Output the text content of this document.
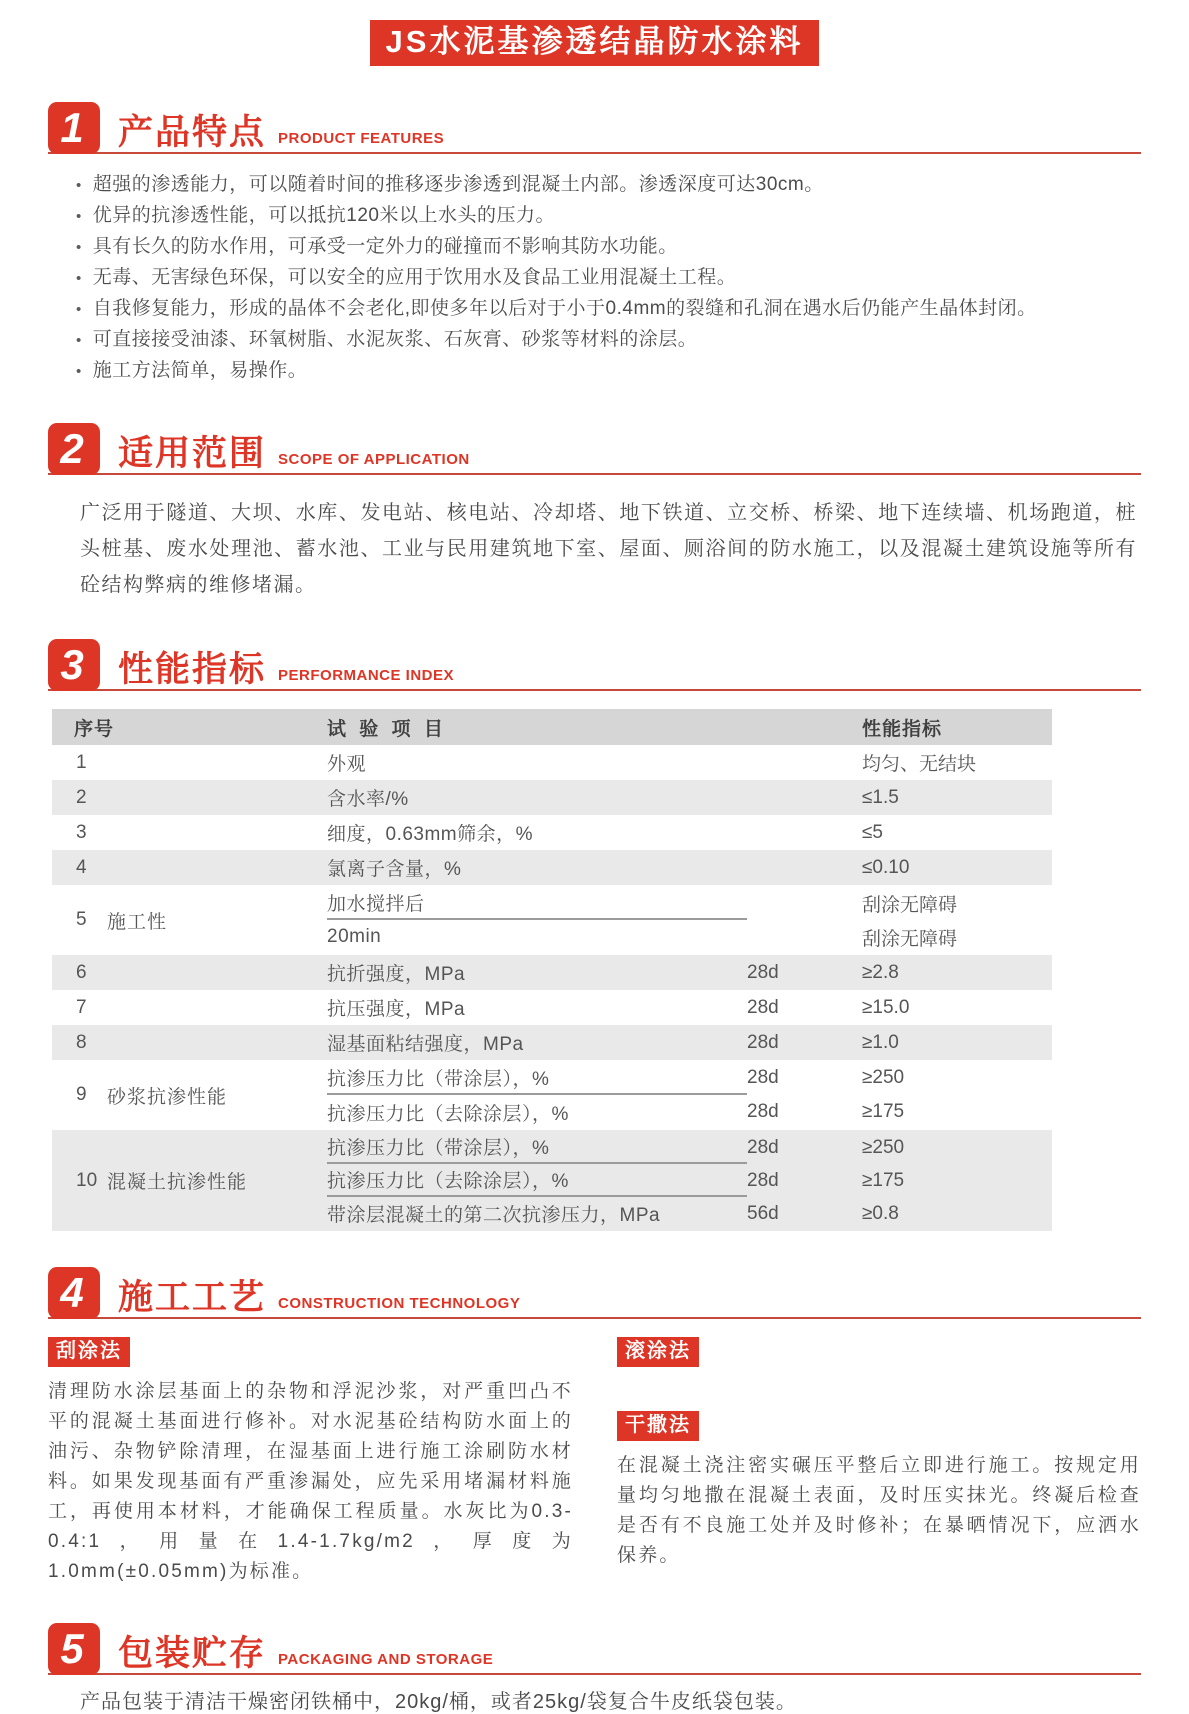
JS水泥基渗透结晶防水涂料
1 产品特点 PRODUCT FEATURES
• 超强的渗透能力，可以随着时间的推移逐步渗透到混凝土内部。渗透深度可达30cm。
• 优异的抗渗透性能，可以抵抗120米以上水头的压力。
• 具有长久的防水作用，可承受一定外力的碰撞而不影响其防水功能。
• 无毒、无害绿色环保，可以安全的应用于饮用水及食品工业用混凝土工程。
• 自我修复能力，形成的晶体不会老化,即使多年以后对于小于0.4mm的裂缝和孔洞在遇水后仍能产生晶体封闭。
• 可直接接受油漆、环氧树脂、水泥灰浆、石灰膏、砂浆等材料的涂层。
• 施工方法简单，易操作。
2 适用范围 SCOPE OF APPLICATION

广泛用于隧道、大坝、水库、发电站、核电站、冷却塔、地下铁道、立交桥、桥梁、地下连续墙、机场跑道，桩头桩基、废水处理池、蓄水池、工业与民用建筑地下室、屋面、厕浴间的防水施工，以及混凝土建筑设施等所有砼结构弊病的维修堵漏。

3 性能指标 PERFORMANCE INDEX
序号	试 验 项 目	性能指标
1	外观	均匀、无结块
2	含水率/%	≤1.5
3	细度，0.63mm筛余，%	≤5
4	氯离子含量，%	≤0.10
5	施工性
加水搅拌后	刮涂无障碍
20min	刮涂无障碍
6	抗折强度，MPa	28d	≥2.8
7	抗压强度，MPa	28d	≥15.0
8	湿基面粘结强度，MPa	28d	≥1.0
9	砂浆抗渗性能
抗渗压力比（带涂层），%	28d	≥250
抗渗压力比（去除涂层），%	28d	≥175
10 混凝土抗渗性能
抗渗压力比（带涂层），%	28d	≥250
抗渗压力比（去除涂层），%	28d	≥175
带涂层混凝土的第二次抗渗压力，MPa	56d	≥0.8
4 施工工艺 CONSTRUCTION TECHNOLOGY
刮涂法
清理防水涂层基面上的杂物和浮泥沙浆，对严重凹凸不平的混凝土基面进行修补。对水泥基砼结构防水面上的油污、杂物铲除清理，在湿基面上进行施工涂刷防水材料。如果发现基面有严重渗漏处，应先采用堵漏材料施工，再使用本材料，才能确保工程质量。水灰比为0.3-0.4:1，用量在1.4-1.7kg/m2，厚度为1.0mm(±0.05mm)为标准。
滚涂法
干撒法
在混凝土浇注密实碾压平整后立即进行施工。按规定用量均匀地撒在混凝土表面，及时压实抹光。终凝后检查是否有不良施工处并及时修补；在暴晒情况下，应洒水保养。
5 包装贮存 PACKAGING AND STORAGE

产品包装于清洁干燥密闭铁桶中，20kg/桶，或者25kg/袋复合牛皮纸袋包装。
